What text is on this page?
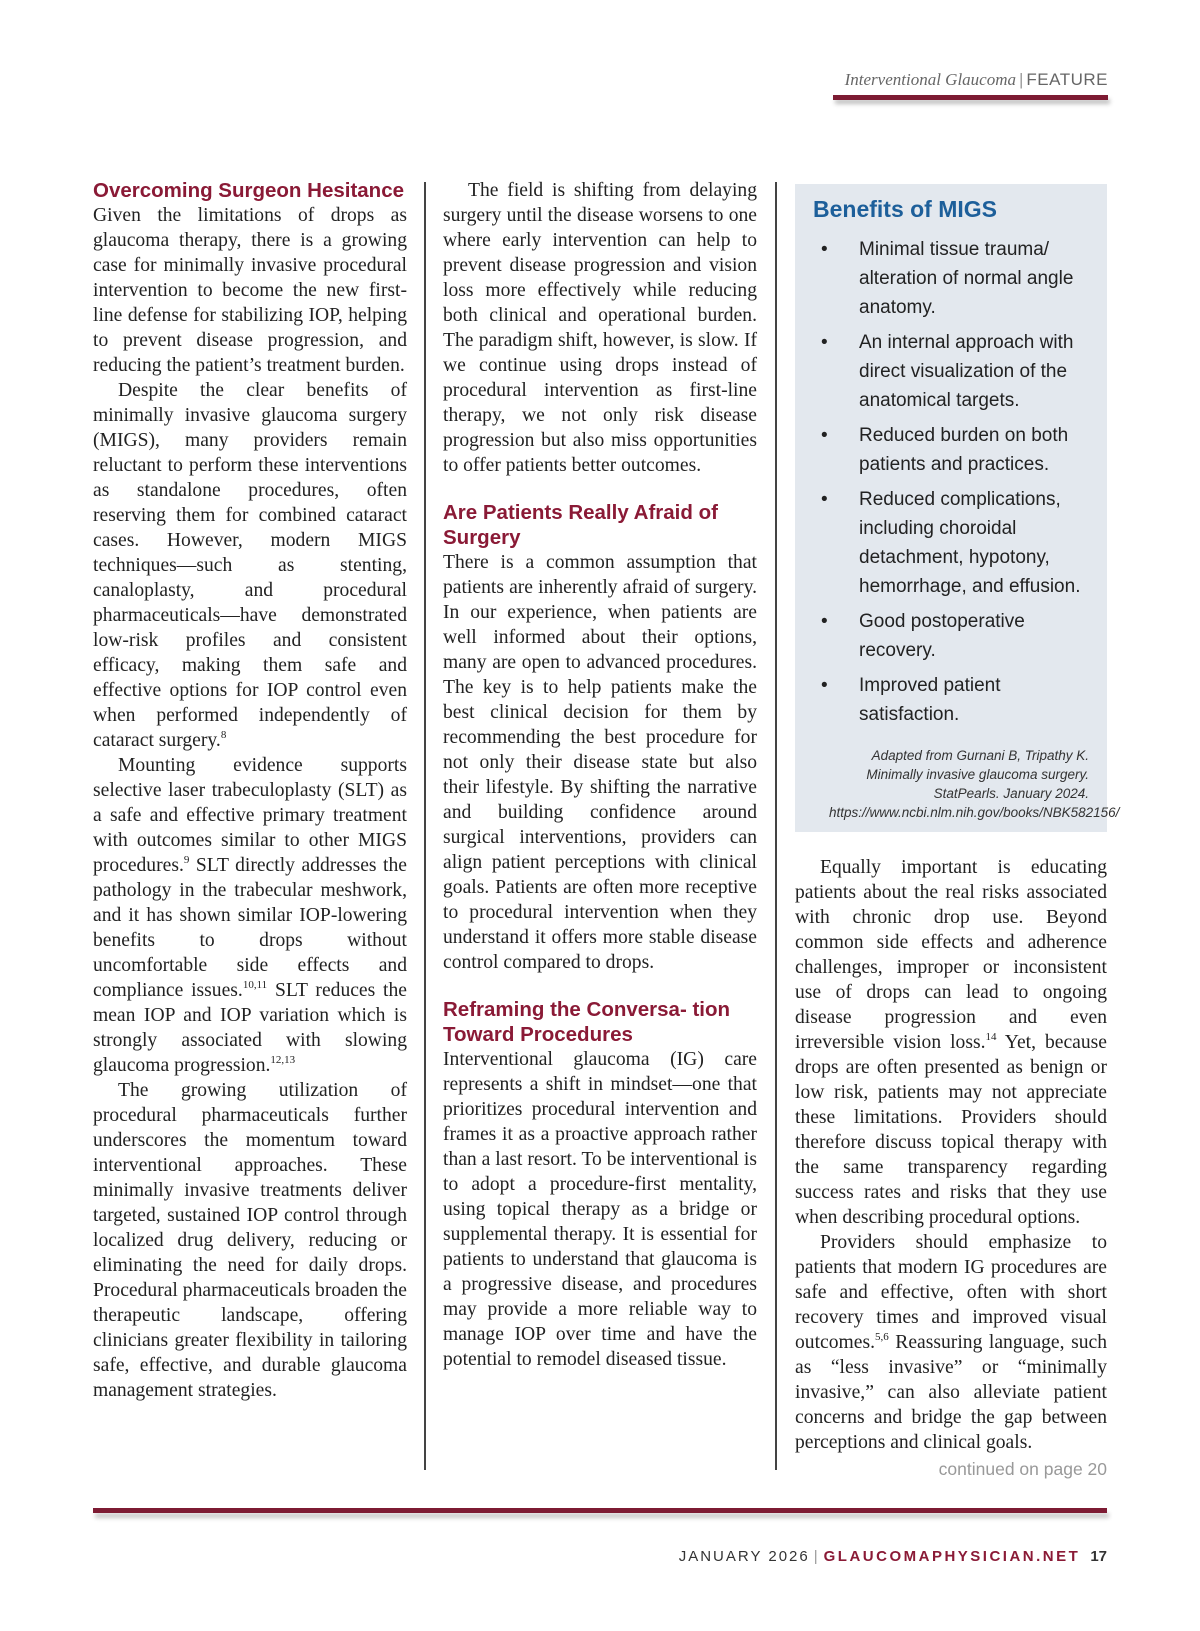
Interventional Glaucoma | FEATURE
Overcoming Surgeon Hesitance

Given the limitations of drops as glaucoma therapy, there is a growing case for minimally invasive procedural intervention to become the new first-line defense for stabilizing IOP, helping to prevent disease progression, and reducing the patient’s treatment burden.

Despite the clear benefits of minimally invasive glaucoma surgery (MIGS), many providers remain reluctant to perform these interventions as standalone procedures, often reserving them for combined cataract cases. However, modern MIGS techniques—such as stenting, canaloplasty, and procedural pharmaceuticals—have demonstrated low-risk profiles and consistent efficacy, making them safe and effective options for IOP control even when performed independently of cataract surgery.$^8$

Mounting evidence supports selective laser trabeculoplasty (SLT) as a safe and effective primary treatment with outcomes similar to other MIGS procedures.$^9$ SLT directly addresses the pathology in the trabecular meshwork, and it has shown similar IOP-lowering benefits to drops without uncomfortable side effects and compliance issues.$^{10,11}$ SLT reduces the mean IOP and IOP variation which is strongly associated with slowing glaucoma progression.$^{12,13}$

The growing utilization of procedural pharmaceuticals further underscores the momentum toward interventional approaches. These minimally invasive treatments deliver targeted, sustained IOP control through localized drug delivery, reducing or eliminating the need for daily drops. Procedural pharmaceuticals broaden the therapeutic landscape, offering clinicians greater flexibility in tailoring safe, effective, and durable glaucoma management strategies.

The field is shifting from delaying surgery until the disease worsens to one where early intervention can help to prevent disease progression and vision loss more effectively while reducing both clinical and operational burden. The paradigm shift, however, is slow. If we continue using drops instead of procedural intervention as first-line therapy, we not only risk disease progression but also miss opportunities to offer patients better outcomes.

Are Patients Really Afraid of Surgery

There is a common assumption that patients are inherently afraid of surgery. In our experience, when patients are well informed about their options, many are open to advanced procedures. The key is to help patients make the best clinical decision for them by recommending the best procedure for not only their disease state but also their lifestyle. By shifting the narrative and building confidence around surgical interventions, providers can align patient perceptions with clinical goals. Patients are often more receptive to procedural intervention when they understand it offers more stable disease control compared to drops.

Reframing the Conversa- tion Toward Procedures

Interventional glaucoma (IG) care represents a shift in mindset—one that prioritizes procedural intervention and frames it as a proactive approach rather than a last resort. To be interventional is to adopt a procedure-first mentality, using topical therapy as a bridge or supplemental therapy. It is essential for patients to understand that glaucoma is a progressive disease, and procedures may provide a more reliable way to manage IOP over time and have the potential to remodel diseased tissue.

Benefits of MIGS
• Minimal tissue trauma/ alteration of normal angle anatomy.
• An internal approach with direct visualization of the anatomical targets.
• Reduced burden on both patients and practices.
• Reduced complications, including choroidal detachment, hypotony, hemorrhage, and effusion.
• Good postoperative recovery.
• Improved patient satisfaction.
Adapted from Gurnani B, Tripathy K. Minimally invasive glaucoma surgery. StatPearls. January 2024. https://www.ncbi.nlm.nih.gov/books/NBK582156/

Equally important is educating patients about the real risks associated with chronic drop use. Beyond common side effects and adherence challenges, improper or inconsistent use of drops can lead to ongoing disease progression and even irreversible vision loss.$^{14}$ Yet, because drops are often presented as benign or low risk, patients may not appreciate these limitations. Providers should therefore discuss topical therapy with the same transparency regarding success rates and risks that they use when describing procedural options.

Providers should emphasize to patients that modern IG procedures are safe and effective, often with short recovery times and improved visual outcomes.$^{5,6}$ Reassuring language, such as “less invasive” or “minimally invasive,” can also alleviate patient concerns and bridge the gap between perceptions and clinical goals.

continued on page 20
JANUARY 2026 | GLAUCOMAPHYSICIAN.NET 17
